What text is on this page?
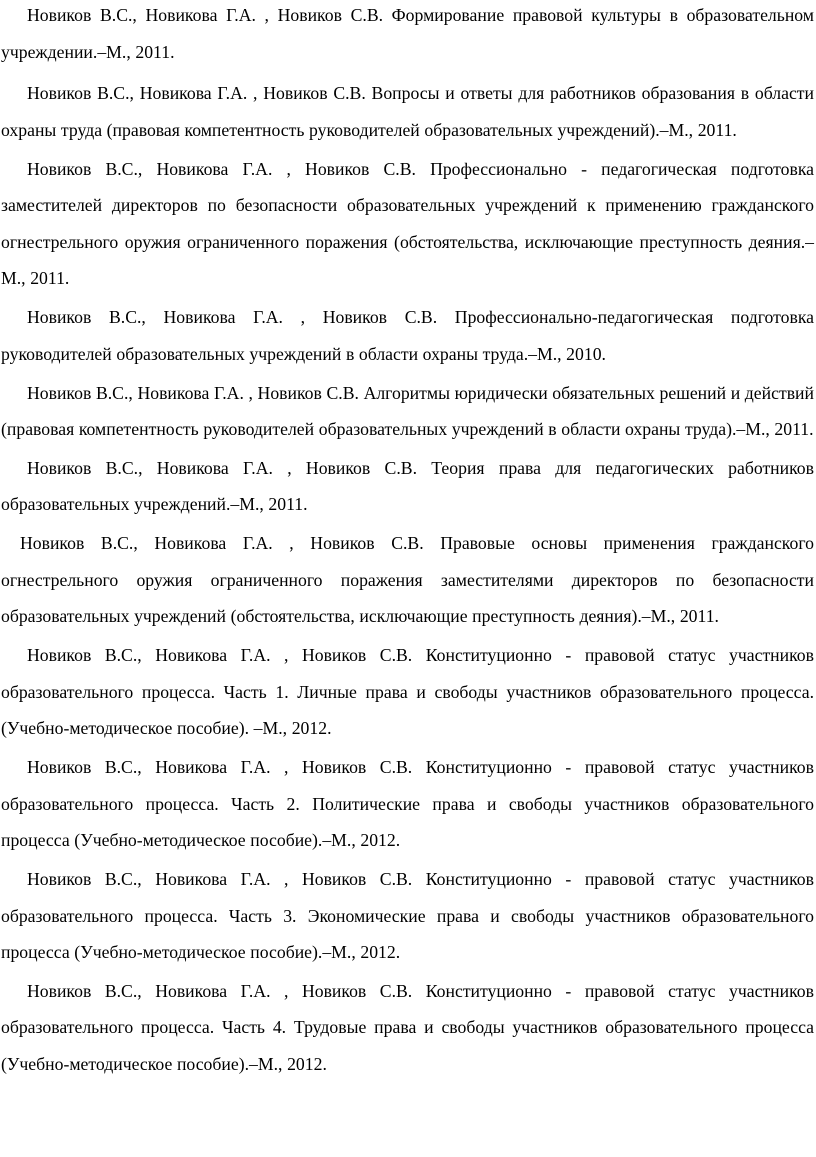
Новиков В.С., Новикова Г.А. , Новиков С.В. Формирование правовой культуры в образовательном учреждении.–М., 2011.

Новиков В.С., Новикова Г.А. , Новиков С.В. Вопросы и ответы для работников образования в области охраны труда (правовая компетентность руководителей образовательных учреждений).–М., 2011.

Новиков В.С., Новикова Г.А. , Новиков С.В. Профессионально - педагогическая подготовка заместителей директоров по безопасности образовательных учреждений к применению гражданского огнестрельного оружия ограниченного поражения (обстоятельства, исключающие преступность деяния.–М., 2011.

Новиков В.С., Новикова Г.А. , Новиков С.В. Профессионально-педагогическая подготовка руководителей образовательных учреждений в области охраны труда.–М., 2010.

Новиков В.С., Новикова Г.А. , Новиков С.В. Алгоритмы юридически обязательных решений и действий (правовая компетентность руководителей образовательных учреждений в области охраны труда).–М., 2011.

Новиков В.С., Новикова Г.А. , Новиков С.В. Теория права для педагогических работников образовательных учреждений.–М., 2011.

Новиков В.С., Новикова Г.А. , Новиков С.В. Правовые основы применения гражданского огнестрельного оружия ограниченного поражения заместителями директоров по безопасности образовательных учреждений (обстоятельства, исключающие преступность деяния).–М., 2011.

Новиков В.С., Новикова Г.А. , Новиков С.В. Конституционно - правовой статус участников образовательного процесса. Часть 1. Личные права и свободы участников образовательного процесса. (Учебно-методическое пособие). –М., 2012.

Новиков В.С., Новикова Г.А. , Новиков С.В. Конституционно - правовой статус участников образовательного процесса. Часть 2. Политические права и свободы участников образовательного процесса (Учебно-методическое пособие).–М., 2012.

Новиков В.С., Новикова Г.А. , Новиков С.В. Конституционно - правовой статус участников образовательного процесса. Часть 3. Экономические права и свободы участников образовательного процесса (Учебно-методическое пособие).–М., 2012.

Новиков В.С., Новикова Г.А. , Новиков С.В. Конституционно - правовой статус участников образовательного процесса. Часть 4. Трудовые права и свободы участников образовательного процесса (Учебно-методическое пособие).–М., 2012.
